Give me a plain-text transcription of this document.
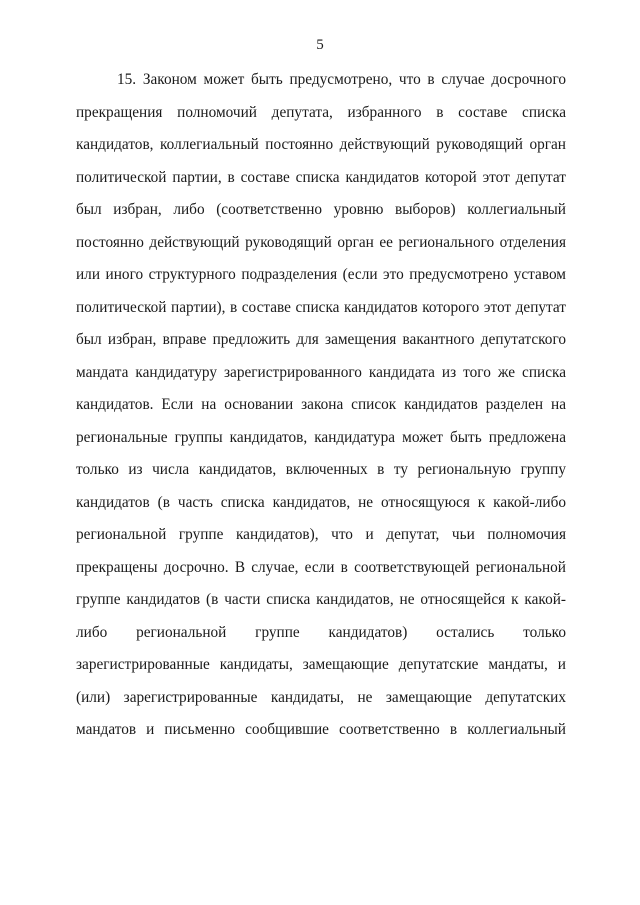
5
15. Законом может быть предусмотрено, что в случае досрочного
прекращения полномочий депутата, избранного в составе списка
кандидатов, коллегиальный постоянно действующий руководящий орган
политической партии, в составе списка кандидатов которой этот депутат
был избран, либо (соответственно уровню выборов) коллегиальный
постоянно действующий руководящий орган ее регионального отделения
или иного структурного подразделения (если это предусмотрено уставом
политической партии), в составе списка кандидатов которого этот депутат
был избран, вправе предложить для замещения вакантного депутатского
мандата кандидатуру зарегистрированного кандидата из того же списка
кандидатов. Если на основании закона список кандидатов разделен на
региональные группы кандидатов, кандидатура может быть предложена
только из числа кандидатов, включенных в ту региональную группу
кандидатов (в часть списка кандидатов, не относящуюся к какой-либо
региональной группе кандидатов), что и депутат, чьи полномочия
прекращены досрочно. В случае, если в соответствующей региональной
группе кандидатов (в части списка кандидатов, не относящейся к какой-
либо региональной группе кандидатов) остались только
зарегистрированные кандидаты, замещающие депутатские мандаты, и
(или) зарегистрированные кандидаты, не замещающие депутатских
мандатов и письменно сообщившие соответственно в коллегиальный
